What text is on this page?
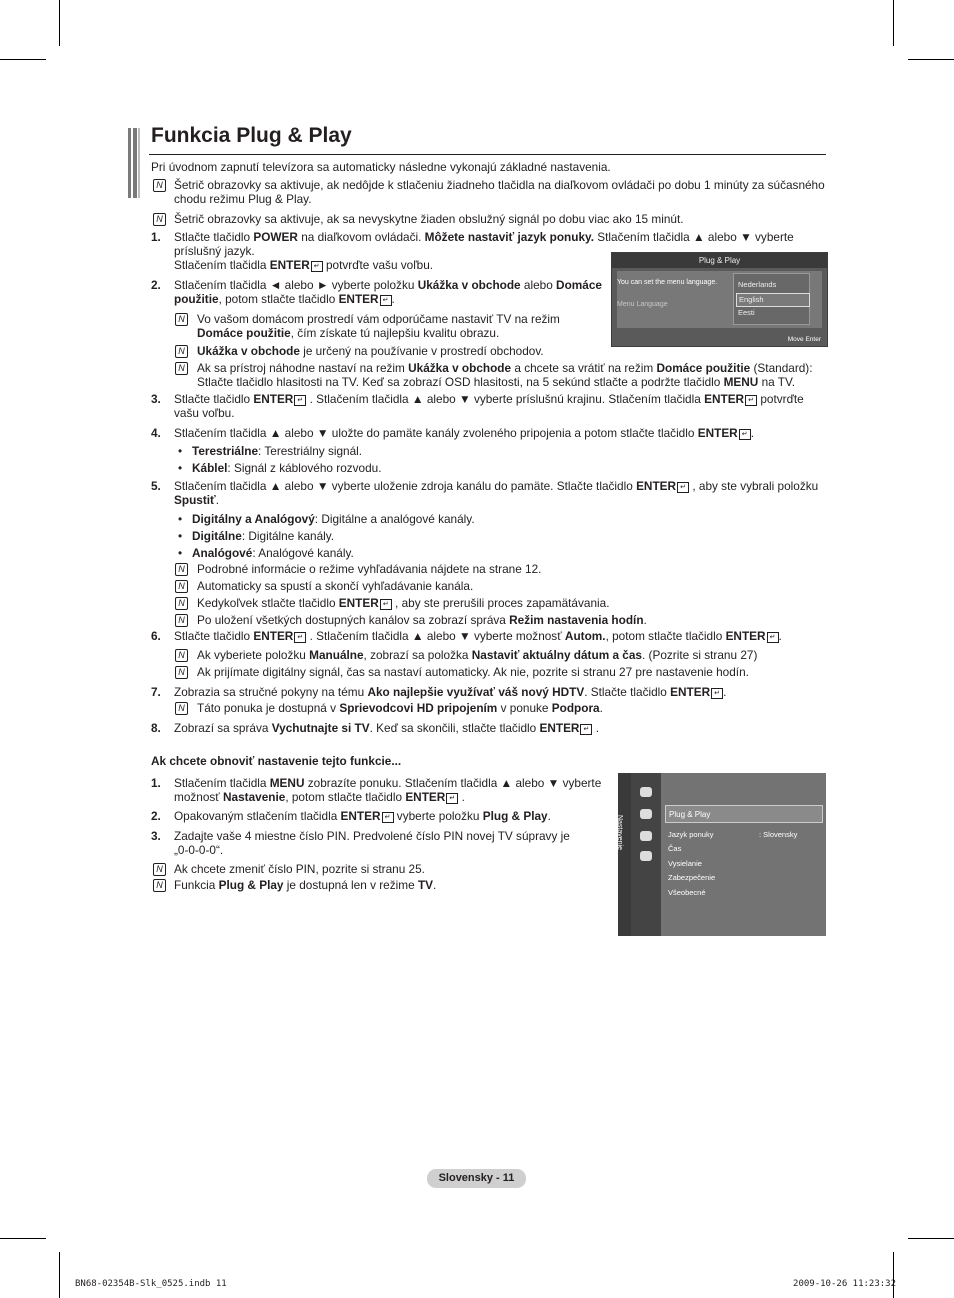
Funkcia Plug & Play
Pri úvodnom zapnutí televízora sa automaticky následne vykonajú základné nastavenia.
N Šetrič obrazovky sa aktivuje, ak nedôjde k stlačeniu žiadneho tlačidla na diaľkovom ovládači po dobu 1 minúty za súčasného
chodu režimu Plug & Play.
N Šetrič obrazovky sa aktivuje, ak sa nevyskytne žiaden obslužný signál po dobu viac ako 15 minút.
1. Stlačte tlačidlo POWER na diaľkovom ovládači. Môžete nastaviť jazyk ponuky. Stlačením tlačidla ▲ alebo ▼ vyberte
príslušný jazyk.
Stlačením tlačidla ENTER ↵ potvrďte vašu voľbu.
2. Stlačením tlačidla ◄ alebo ► vyberte položku Ukážka v obchode alebo Domáce
použitie, potom stlačte tlačidlo ENTER ↵ .
N Vo vašom domácom prostredí vám odporúčame nastaviť TV na režim
Domáce použitie, čím získate tú najlepšiu kvalitu obrazu.
N Ukážka v obchode je určený na používanie v prostredí obchodov.
N Ak sa prístroj náhodne nastaví na režim Ukážka v obchode a chcete sa vrátiť na režim Domáce použitie (Standard):
Stlačte tlačidlo hlasitosti na TV. Keď sa zobrazí OSD hlasitosti, na 5 sekúnd stlačte a podržte tlačidlo MENU na TV.
3. Stlačte tlačidlo ENTER ↵ . Stlačením tlačidla ▲ alebo ▼ vyberte príslušnú krajinu. Stlačením tlačidla ENTER ↵ potvrďte
vašu voľbu.
4. Stlačením tlačidla ▲ alebo ▼ uložte do pamäte kanály zvoleného pripojenia a potom stlačte tlačidlo ENTER ↵ .
• Terestriálne: Terestriálny signál.
• Káblel: Signál z káblového rozvodu.
5. Stlačením tlačidla ▲ alebo ▼ vyberte uloženie zdroja kanálu do pamäte. Stlačte tlačidlo ENTER ↵ , aby ste vybrali položku
Spustiť.
• Digitálny a Analógový: Digitálne a analógové kanály.
• Digitálne: Digitálne kanály.
• Analógové: Analógové kanály.
N Podrobné informácie o režime vyhľadávania nájdete na strane 12.
N Automaticky sa spustí a skončí vyhľadávanie kanála.
N Kedykoľvek stlačte tlačidlo ENTER ↵ , aby ste prerušili proces zapamätávania.
N Po uložení všetkých dostupných kanálov sa zobrazí správa Režim nastavenia hodín.
6. Stlačte tlačidlo ENTER ↵ . Stlačením tlačidla ▲ alebo ▼ vyberte možnosť Autom., potom stlačte tlačidlo ENTER ↵ .
N Ak vyberiete položku Manuálne, zobrazí sa položka Nastaviť aktuálny dátum a čas. (Pozrite si stranu 27)
N Ak prijímate digitálny signál, čas sa nastaví automaticky. Ak nie, pozrite si stranu 27 pre nastavenie hodín.
7. Zobrazia sa stručné pokyny na tému Ako najlepšie využívať váš nový HDTV. Stlačte tlačidlo ENTER ↵ .
N Táto ponuka je dostupná v Sprievodcovi HD pripojením v ponuke Podpora.
8. Zobrazí sa správa Vychutnajte si TV. Keď sa skončili, stlačte tlačidlo ENTER ↵ .
Ak chcete obnoviť nastavenie tejto funkcie...
1. Stlačením tlačidla MENU zobrazíte ponuku. Stlačením tlačidla ▲ alebo ▼ vyberte
možnosť Nastavenie, potom stlačte tlačidlo ENTER ↵ .
2. Opakovaným stlačením tlačidla ENTER ↵ vyberte položku Plug & Play.
3. Zadajte vaše 4 miestne číslo PIN. Predvolené číslo PIN novej TV súpravy je
„0-0-0-0“.
N Ak chcete zmeniť číslo PIN, pozrite si stranu 25.
N Funkcia Plug & Play je dostupná len v režime TV.
Plug & Play
You can set the menu language.
Menu Language
Nederlands
English
Eesti
Move Enter
Nastavenie
Plug & Play
Jazyk ponuky	: Slovensky
Čas
Vysielanie
Zabezpečenie
Všeobecné
Slovensky - 11
BN68-02354B-Slk_0525.indb 11	2009-10-26 11:23:32
